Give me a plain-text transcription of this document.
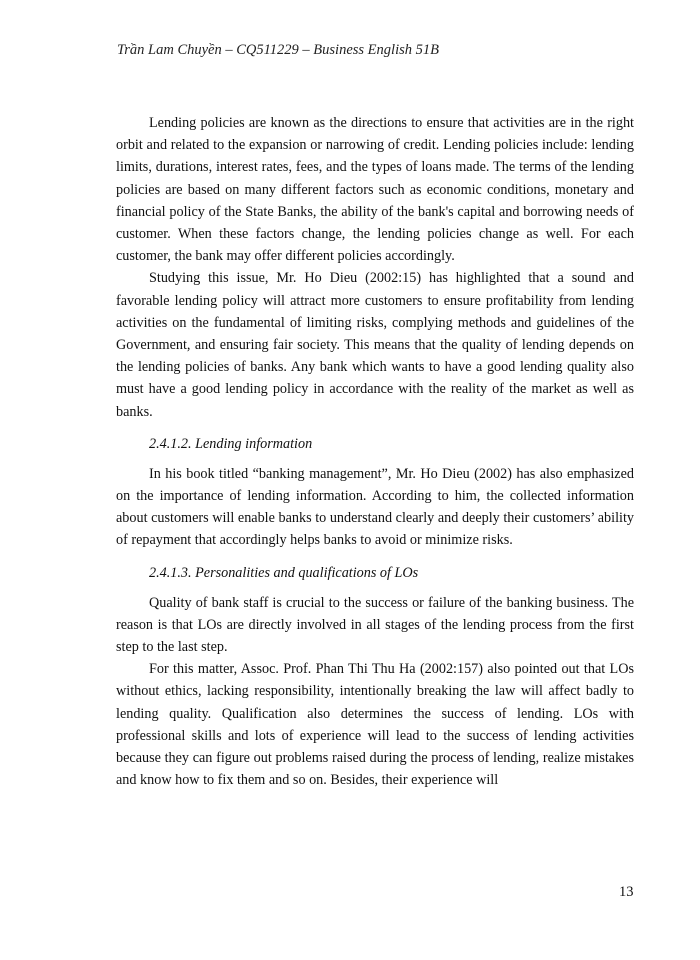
Trần Lam Chuyền – CQ511229 – Business English 51B

Lending policies are known as the directions to ensure that activities are in the right orbit and related to the expansion or narrowing of credit. Lending policies include: lending limits, durations, interest rates, fees, and the types of loans made. The terms of the lending policies are based on many different factors such as economic conditions, monetary and financial policy of the State Banks, the ability of the bank's capital and borrowing needs of customer. When these factors change, the lending policies change as well. For each customer, the bank may offer different policies accordingly.

Studying this issue, Mr. Ho Dieu (2002:15) has highlighted that a sound and favorable lending policy will attract more customers to ensure profitability from lending activities on the fundamental of limiting risks, complying methods and guidelines of the Government, and ensuring fair society. This means that the quality of lending depends on the lending policies of banks. Any bank which wants to have a good lending quality also must have a good lending policy in accordance with the reality of the market as well as banks.

2.4.1.2. Lending information

In his book titled “banking management”, Mr. Ho Dieu (2002) has also emphasized on the importance of lending information. According to him, the collected information about customers will enable banks to understand clearly and deeply their customers’ ability of repayment that accordingly helps banks to avoid or minimize risks.

2.4.1.3. Personalities and qualifications of LOs

Quality of bank staff is crucial to the success or failure of the banking business. The reason is that LOs are directly involved in all stages of the lending process from the first step to the last step.

For this matter, Assoc. Prof. Phan Thi Thu Ha (2002:157) also pointed out that LOs without ethics, lacking responsibility, intentionally breaking the law will affect badly to lending quality. Qualification also determines the success of lending. LOs with professional skills and lots of experience will lead to the success of lending activities because they can figure out problems raised during the process of lending, realize mistakes and know how to fix them and so on. Besides, their experience will

13
